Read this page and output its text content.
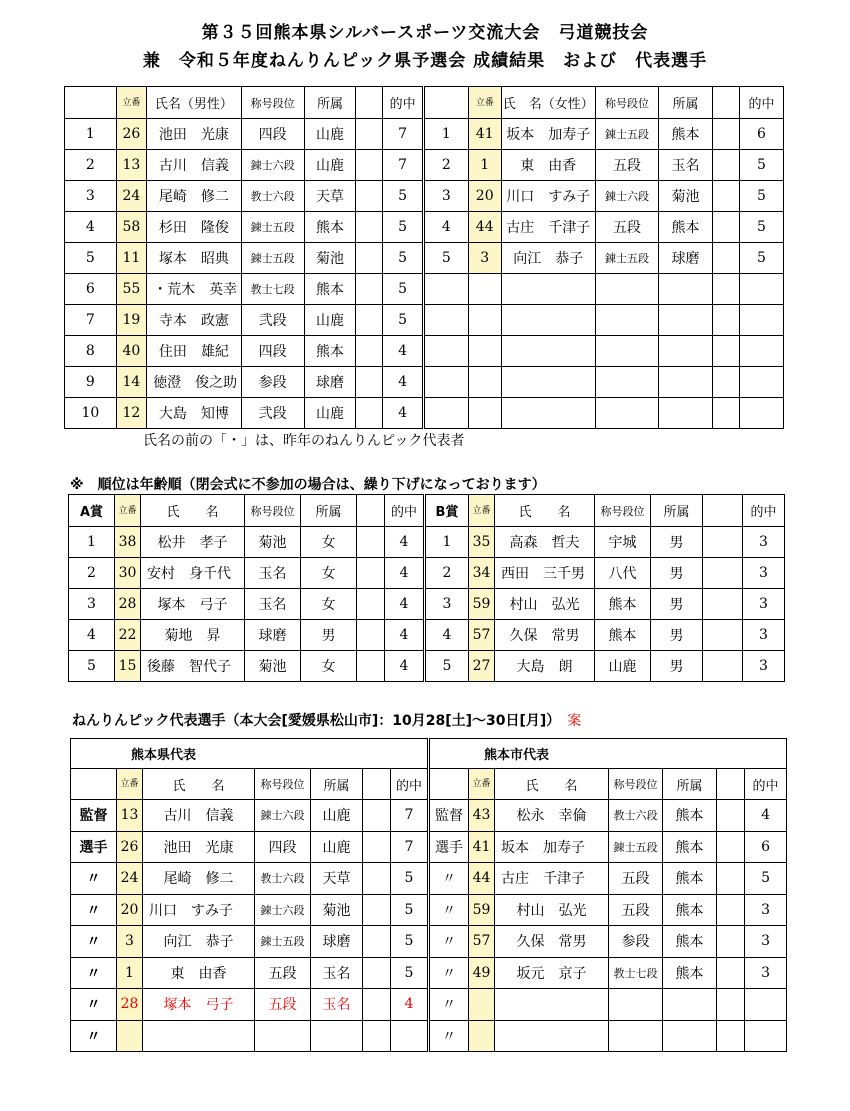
第３５回熊本県シルバースポーツ交流大会　弓道競技会
兼　令和５年度ねんりんピック県予選会 成績結果　および　代表選手
	立番	氏名（男性）	称号段位	所属		的中		立番	氏　名（女性）	称号段位	所属		的中
1	26	池田　光康	四段	山鹿		7	1	41	坂本　加寿子	錬士五段	熊本		6
2	13	古川　信義	錬士六段	山鹿		7	2	1	東　由香	五段	玉名		5
3	24	尾崎　修二	教士六段	天草		5	3	20	川口　すみ子	錬士六段	菊池		5
4	58	杉田　隆俊	錬士五段	熊本		5	4	44	古庄　千津子	五段	熊本		5
5	11	塚本　昭典	錬士五段	菊池		5	5	3	向江　恭子	錬士五段	球磨		5
6	55	・荒木　英幸	教士七段	熊本		5							
7	19	寺本　政憲	弐段	山鹿		5							
8	40	住田　雄紀	四段	熊本		4							
9	14	徳澄　俊之助	参段	球磨		4							
10	12	大島　知博	弐段	山鹿		4							
氏名の前の「・」は、昨年のねんりんピック代表者
※　順位は年齢順（閉会式に不参加の場合は、繰り下げになっております）
A賞	立番	氏　　名	称号段位	所属		的中	B賞	立番	氏　　名	称号段位	所属		的中
1	38	松井　孝子	菊池	女		4	1	35	高森　哲夫	宇城	男		3
2	30	安村　身千代	玉名	女		4	2	34	西田　三千男	八代	男		3
3	28	塚本　弓子	玉名	女		4	3	59	村山　弘光	熊本	男		3
4	22	菊地　昇	球磨	男		4	4	57	久保　常男	熊本	男		3
5	15	後藤　智代子	菊池	女		4	5	27	大島　朗	山鹿	男		3
ねんりんピック代表選手（本大会[愛媛県松山市]：10月28[土]～30日[月]）　 案
熊本県代表							熊本市代表						
	立番	氏　　名	称号段位	所属		的中		立番	氏　　名	称号段位	所属		的中
監督	13	古川　信義	錬士六段	山鹿		7	監督	43	松永　幸倫	教士六段	熊本		4
選手	26	池田　光康	四段	山鹿		7	選手	41	坂本　加寿子	錬士五段	熊本		6
〃	24	尾崎　修二	教士六段	天草		5	〃	44	古庄　千津子	五段	熊本		5
〃	20	川口　すみ子	錬士六段	菊池		5	〃	59	村山　弘光	五段	熊本		3
〃	3	向江　恭子	錬士五段	球磨		5	〃	57	久保　常男	参段	熊本		3
〃	1	東　由香	五段	玉名		5	〃	49	坂元　京子	教士七段	熊本		3
〃	28	塚本　弓子	五段	玉名		4	〃						
〃							〃						
